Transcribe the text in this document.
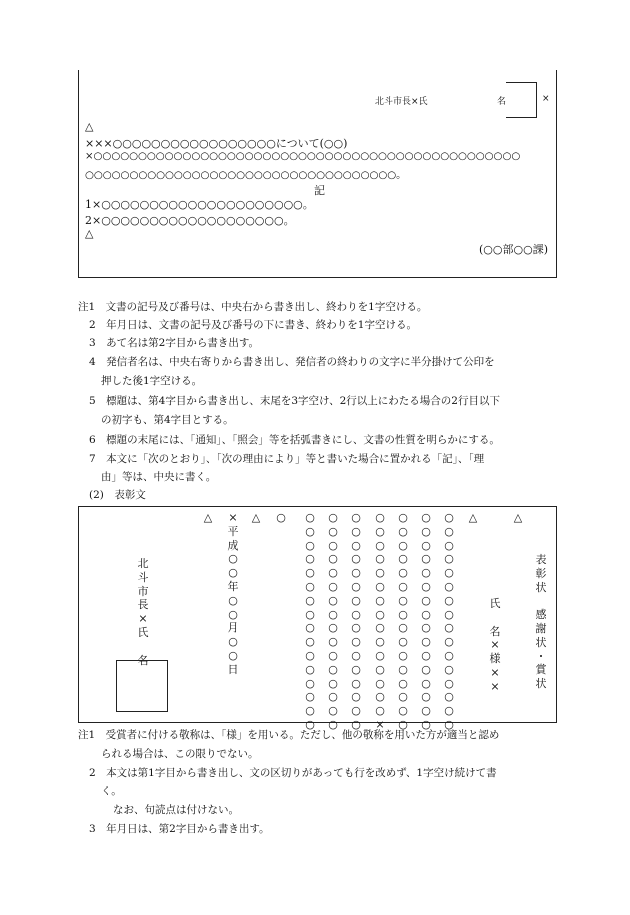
北斗市長×氏	名	×
△
×××○○○○○○○○○○○○○○○○○について(○○)
×○○○○○○○○○○○○○○○○○○○○○○○○○○○○○○○○○○○○○○○○○○○○○○○○
○○○○○○○○○○○○○○○○○○○○○○○○○○○○○○○○○○○。
記
1×○○○○○○○○○○○○○○○○○○○○○。
2×○○○○○○○○○○○○○○○○○○○。
△
(○○部○○課)
注1　文書の記号及び番号は、中央右から書き出し、終わりを1字空ける。
2　年月日は、文書の記号及び番号の下に書き、終わりを1字空ける。
3　あて名は第2字目から書き出す。
4　発信者名は、中央右寄りから書き出し、発信者の終わりの文字に半分掛けて公印を
押した後1字空ける。
5　標題は、第4字目から書き出し、末尾を3字空け、2行以上にわたる場合の2行目以下
の初字も、第4字目とする。
6　標題の末尾には、「通知」、「照会」等を括弧書きにし、文書の性質を明らかにする。
7　本文に「次のとおり」、「次の理由により」等と書いた場合に置かれる「記」、「理
由」等は、中央に書く。
(2)　表彰文
表
彰
状

感
謝
状
・
賞
状
△
氏

名
×
様
×
×
△
○
○
○
○
○
○
○
○
○
○
○
○
○
○
○
○
○
○
○
○
○
○
○
○
○
○
○
○
○
○
○
○
○
○
○
○
○
○
○
○
○
○
○
○
○
○
○
○
○
○
○
○
○
○
○
○
○
○
○
○
○
○
○
×
○
○
○
○
○
○
○
○
○
○
○
○
○
○
○
○
○
○
○
○
○
○
○
○
○
○
○
○
○
○
○
○
○
○
○
○
○
○
○
○
○
○
○
○
○
○
○
○
○
△
×
平
成
○
○
年
○
○
月
○
○
日
△
北
斗
市
長
×
氏

名
注1　受賞者に付ける敬称は、「様」を用いる。ただし、他の敬称を用いた方が適当と認め
られる場合は、この限りでない。
2　本文は第1字目から書き出し、文の区切りがあっても行を改めず、1字空け続けて書
く。
なお、句読点は付けない。
3　年月日は、第2字目から書き出す。
